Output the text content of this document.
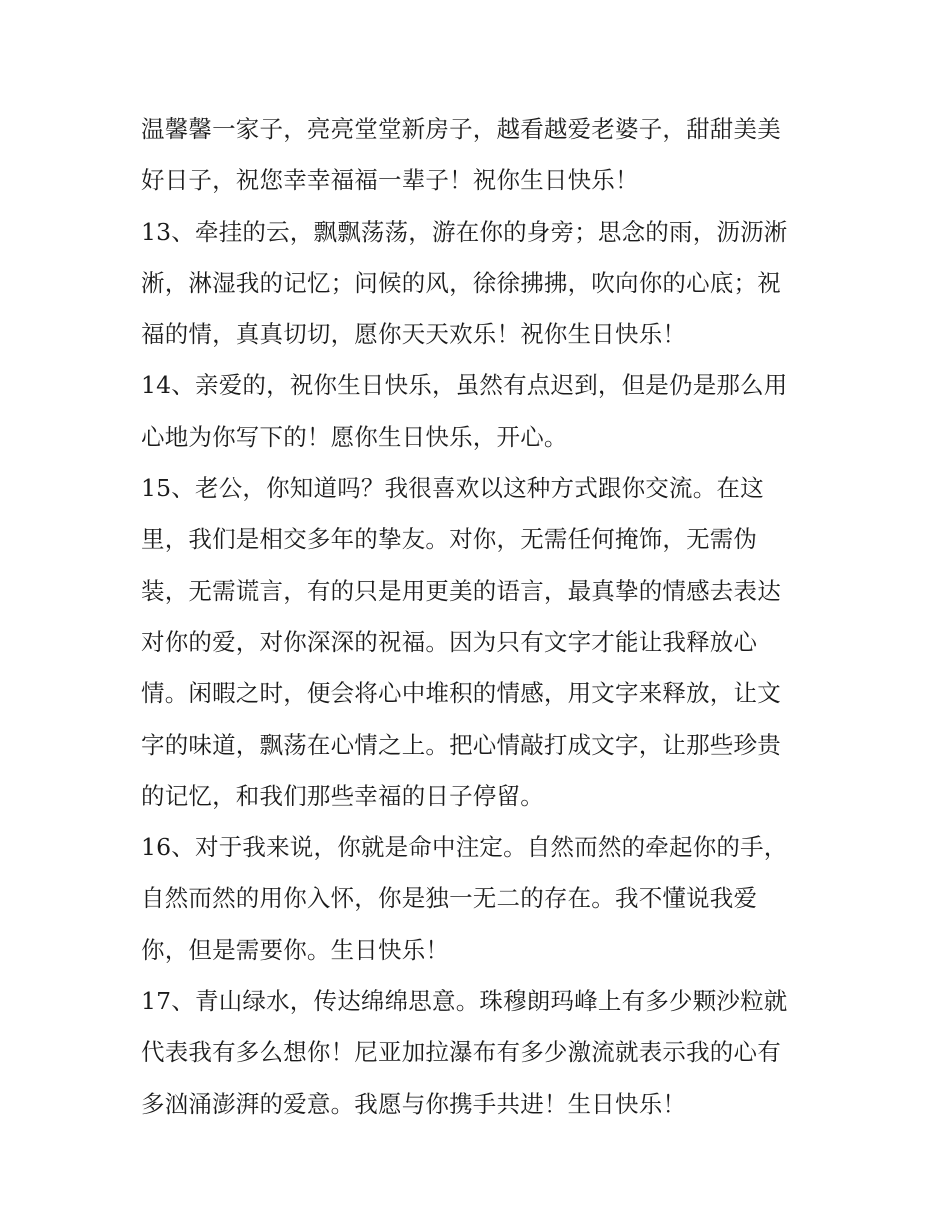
温馨馨一家子，亮亮堂堂新房子，越看越爱老婆子，甜甜美美
好日子，祝您幸幸福福一辈子！祝你生日快乐！
13、牵挂的云，飘飘荡荡，游在你的身旁；思念的雨，沥沥淅
淅，淋湿我的记忆；问候的风，徐徐拂拂，吹向你的心底；祝
福的情，真真切切，愿你天天欢乐！祝你生日快乐！
14、亲爱的，祝你生日快乐，虽然有点迟到，但是仍是那么用
心地为你写下的！愿你生日快乐，开心。
15、老公，你知道吗？我很喜欢以这种方式跟你交流。在这
里，我们是相交多年的挚友。对你，无需任何掩饰，无需伪
装，无需谎言，有的只是用更美的语言，最真挚的情感去表达
对你的爱，对你深深的祝福。因为只有文字才能让我释放心
情。闲暇之时，便会将心中堆积的情感，用文字来释放，让文
字的味道，飘荡在心情之上。把心情敲打成文字，让那些珍贵
的记忆，和我们那些幸福的日子停留。
16、对于我来说，你就是命中注定。自然而然的牵起你的手，
自然而然的用你入怀，你是独一无二的存在。我不懂说我爱
你，但是需要你。生日快乐！
17、青山绿水，传达绵绵思意。珠穆朗玛峰上有多少颗沙粒就
代表我有多么想你！尼亚加拉瀑布有多少激流就表示我的心有
多汹涌澎湃的爱意。我愿与你携手共进！生日快乐！
